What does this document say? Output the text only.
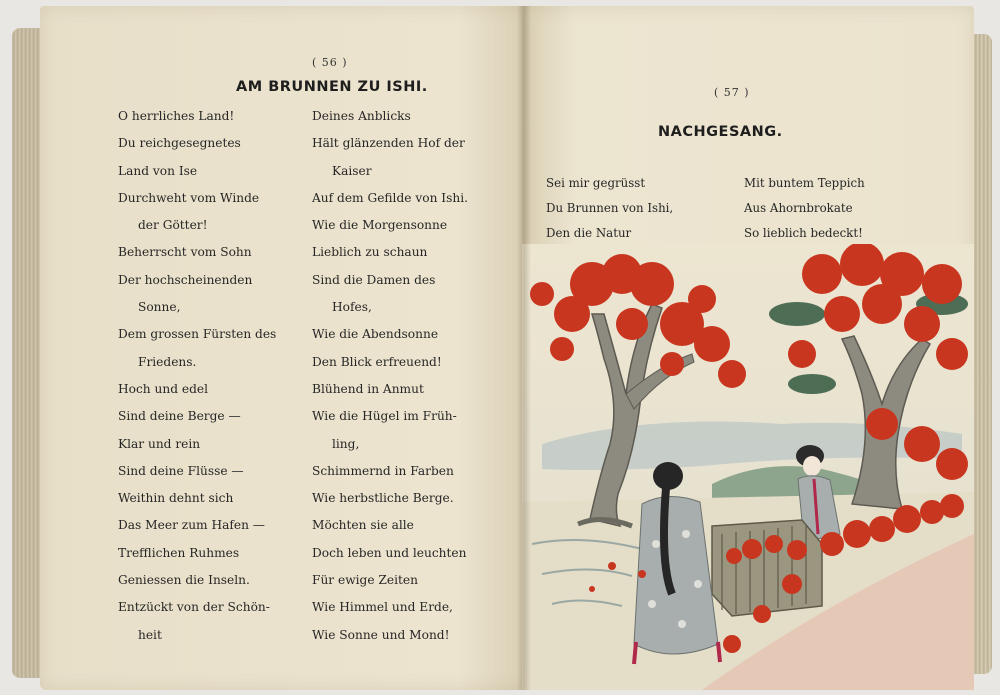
( 56 )
AM BRUNNEN ZU ISHI.
O herrliches Land!
Du reichgesegnetes
Land von Ise
Durchweht vom Winde
der Götter!
Beherrscht vom Sohn
Der hochscheinenden
Sonne,
Dem grossen Fürsten des
Friedens.
Hoch und edel
Sind deine Berge —
Klar und rein
Sind deine Flüsse —
Weithin dehnt sich
Das Meer zum Hafen —
Trefflichen Ruhmes
Geniessen die Inseln.
Entzückt von der Schön-
heit
Deines Anblicks
Hält glänzenden Hof der
Kaiser
Auf dem Gefilde von Ishi.
Wie die Morgensonne
Lieblich zu schaun
Sind die Damen des
Hofes,
Wie die Abendsonne
Den Blick erfreuend!
Blühend in Anmut
Wie die Hügel im Früh-
ling,
Schimmernd in Farben
Wie herbstliche Berge.
Möchten sie alle
Doch leben und leuchten
Für ewige Zeiten
Wie Himmel und Erde,
Wie Sonne und Mond!
( 57 )
NACHGESANG.
Sei mir gegrüsst
Du Brunnen von Ishi,
Den die Natur
Mit buntem Teppich
Aus Ahornbrokate
So lieblich bedeckt!
